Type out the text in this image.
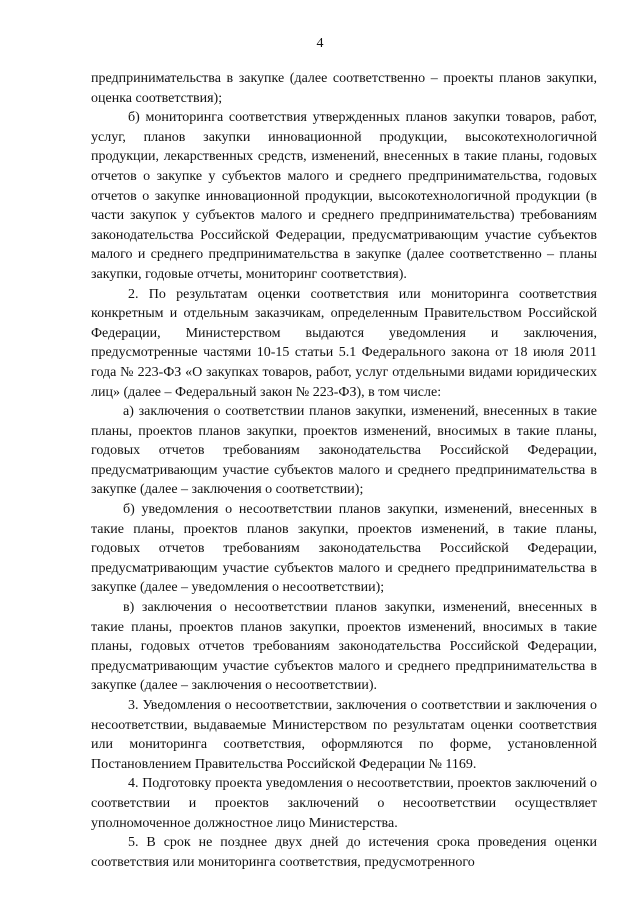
4

предпринимательства в закупке (далее соответственно – проекты планов закупки, оценка соответствия);

б) мониторинга соответствия утвержденных планов закупки товаров, работ, услуг, планов закупки инновационной продукции, высокотехнологичной продукции, лекарственных средств, изменений, внесенных в такие планы, годовых отчетов о закупке у субъектов малого и среднего предпринимательства, годовых отчетов о закупке инновационной продукции, высокотехнологичной продукции (в части закупок у субъектов малого и среднего предпринимательства) требованиям законодательства Российской Федерации, предусматривающим участие субъектов малого и среднего предпринимательства в закупке (далее соответственно – планы закупки, годовые отчеты, мониторинг соответствия).

2. По результатам оценки соответствия или мониторинга соответствия конкретным и отдельным заказчикам, определенным Правительством Российской Федерации, Министерством выдаются уведомления и заключения, предусмотренные частями 10-15 статьи 5.1 Федерального закона от 18 июля 2011 года № 223-ФЗ «О закупках товаров, работ, услуг отдельными видами юридических лиц» (далее – Федеральный закон № 223-ФЗ), в том числе:

а) заключения о соответствии планов закупки, изменений, внесенных в такие планы, проектов планов закупки, проектов изменений, вносимых в такие планы, годовых отчетов требованиям законодательства Российской Федерации, предусматривающим участие субъектов малого и среднего предпринимательства в закупке (далее – заключения о соответствии);

б) уведомления о несоответствии планов закупки, изменений, внесенных в такие планы, проектов планов закупки, проектов изменений, в такие планы, годовых отчетов требованиям законодательства Российской Федерации, предусматривающим участие субъектов малого и среднего предпринимательства в закупке (далее – уведомления о несоответствии);

в) заключения о несоответствии планов закупки, изменений, внесенных в такие планы, проектов планов закупки, проектов изменений, вносимых в такие планы, годовых отчетов требованиям законодательства Российской Федерации, предусматривающим участие субъектов малого и среднего предпринимательства в закупке (далее – заключения о несоответствии).

3. Уведомления о несоответствии, заключения о соответствии и заключения о несоответствии, выдаваемые Министерством по результатам оценки соответствия или мониторинга соответствия, оформляются по форме, установленной Постановлением Правительства Российской Федерации № 1169.

4. Подготовку проекта уведомления о несоответствии, проектов заключений о соответствии и проектов заключений о несоответствии осуществляет уполномоченное должностное лицо Министерства.

5. В срок не позднее двух дней до истечения срока проведения оценки соответствия или мониторинга соответствия, предусмотренного
